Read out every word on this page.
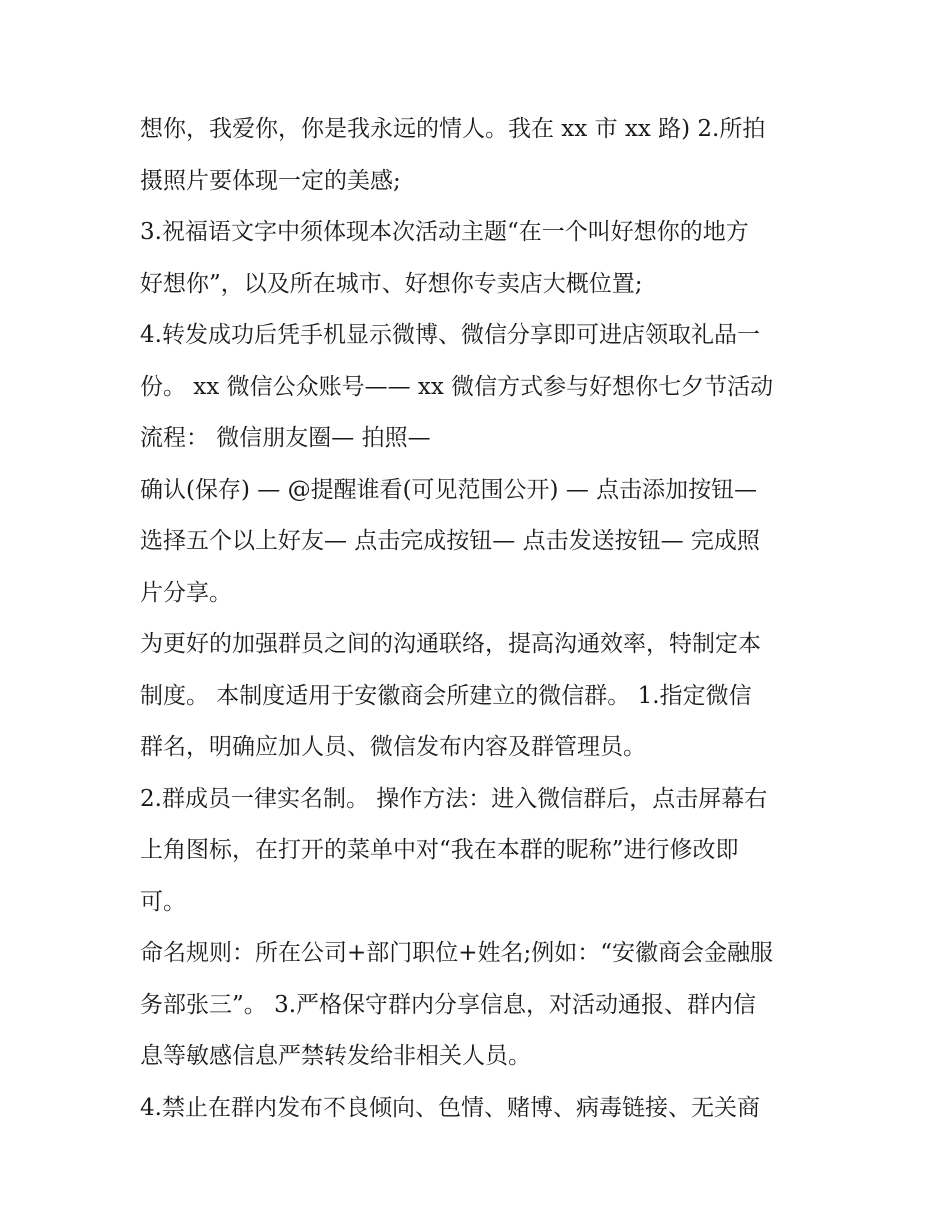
想你，我爱你，你是我永远的情人。我在 xx 市 xx 路) 2.所拍
摄照片要体现一定的美感;
3.祝福语文字中须体现本次活动主题“在一个叫好想你的地方
好想你”，以及所在城市、好想你专卖店大概位置;
4.转发成功后凭手机显示微博、微信分享即可进店领取礼品一
份。 xx 微信公众账号—— xx 微信方式参与好想你七夕节活动
流程： 微信朋友圈— 拍照—
确认(保存) — @提醒谁看(可见范围公开) — 点击添加按钮—
选择五个以上好友— 点击完成按钮— 点击发送按钮— 完成照
片分享。
为更好的加强群员之间的沟通联络，提高沟通效率，特制定本
制度。 本制度适用于安徽商会所建立的微信群。 1.指定微信
群名，明确应加人员、微信发布内容及群管理员。
2.群成员一律实名制。 操作方法：进入微信群后，点击屏幕右
上角图标，在打开的菜单中对“我在本群的昵称”进行修改即
可。
命名规则：所在公司+部门职位+姓名;例如：“安徽商会金融服
务部张三”。 3.严格保守群内分享信息，对活动通报、群内信
息等敏感信息严禁转发给非相关人员。
4.禁止在群内发布不良倾向、色情、赌博、病毒链接、无关商
